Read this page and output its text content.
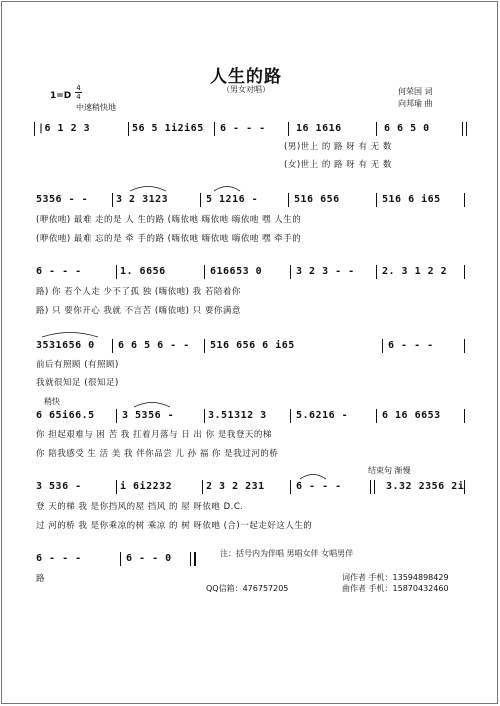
人生的路
（男女对唱）
1=D
4
4
中速稍快地
何荣国 词
向邦瑜 曲
|6 1 2 3	56 5 1i2i65 6 - - -	16 1616	6 6 5 0
(男)世上 的 路 呀 有 无 数
(女)世上 的 路 呀 有 无 数
5356 - -	3 2 3123	5 1216 -	516 656	516 6 i65
(咿依吔) 最难 走的是 人 生的路 (嗨依吔 嗨依吔 嗨依吔 嘿 人生的
(咿依吔) 最难 忘的是 牵 手的路 (嗨依吔 嗨依吔 嗨依吔 嘿 牵手的
6 - - -	1. 6656	616653 0	3 2 3 - -	2. 3 1 2 2
路) 你 若个人走 少不了孤 独 (嗨依吔) 我 若陪着你
路) 只 要你开心 我就 不言苦 (嗨依吔) 只 要你满意
3531656 0 6 6 5 6 - - 516 656 6 i65	6 - - -
前后有照顾 (有照顾)
我就很知足 (很知足)
稍快
6 65i66.5	3 5356 -	3.51312 3	5.6216 -	6 16 6653
你 担起艰难与 困 苦 我 扛着月落与 日 出 你 是我登天的梯
你 陪我感受 生 活 美 我 伴你品尝 儿 孙 福 你 是我过河的桥
结束句 渐慢
3 536 -	i 6i2232	2 3 2 231	6 - - -	3.32 2356 2i
登 天的梯 我 是你挡风的屋 挡风 的 屋 呀依吔 D.C.
过 河的桥 我 是你乘凉的树 乘凉 的 树 呀依吔 (合)一起走好这人生的
6 - - -	6 - - 0
路
注：括号内为伴唱 男唱女伴 女唱男伴
QQ信箱：476757205
词作者 手机：13594898429
曲作者 手机：15870432460
